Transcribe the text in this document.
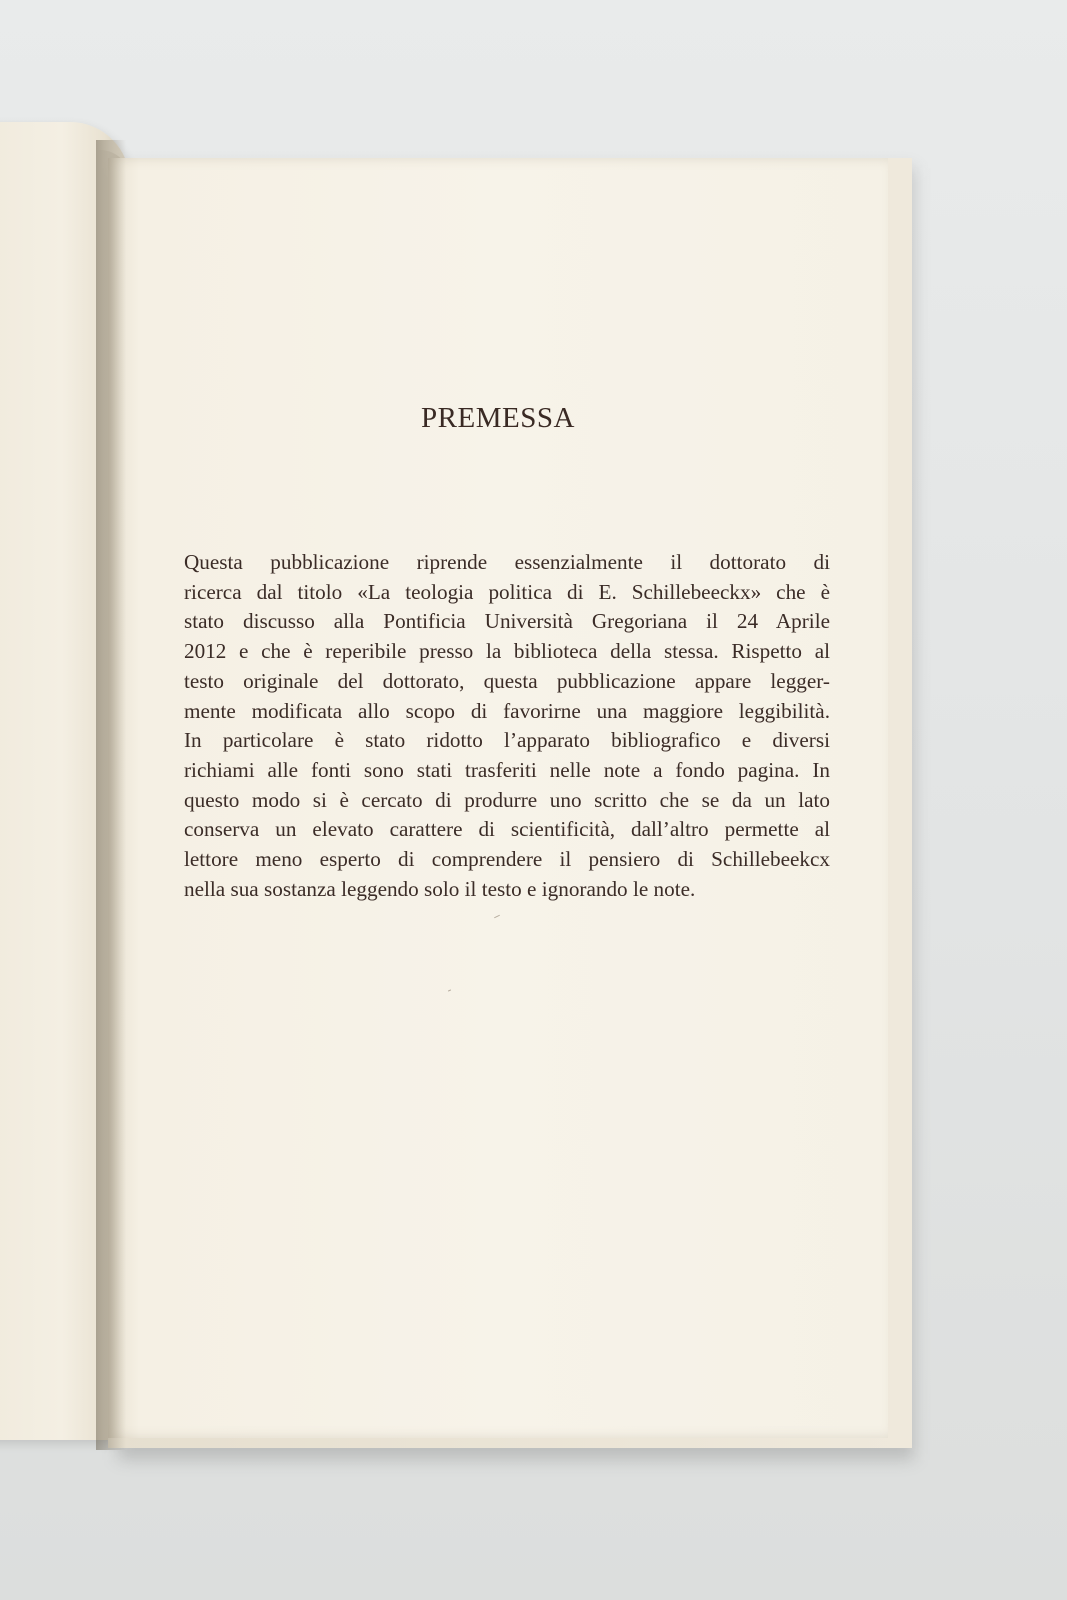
PREMESSA
Questa pubblicazione riprende essenzialmente il dottorato di
ricerca dal titolo «La teologia politica di E. Schillebeeckx» che è
stato discusso alla Pontificia Università Gregoriana il 24 Aprile
2012 e che è reperibile presso la biblioteca della stessa. Rispetto al
testo originale del dottorato, questa pubblicazione appare legger-
mente modificata allo scopo di favorirne una maggiore leggibilità.
In particolare è stato ridotto l’apparato bibliografico e diversi
richiami alle fonti sono stati trasferiti nelle note a fondo pagina. In
questo modo si è cercato di produrre uno scritto che se da un lato
conserva un elevato carattere di scientificità, dall’altro permette al
lettore meno esperto di comprendere il pensiero di Schillebeekcx
nella sua sostanza leggendo solo il testo e ignorando le note.
